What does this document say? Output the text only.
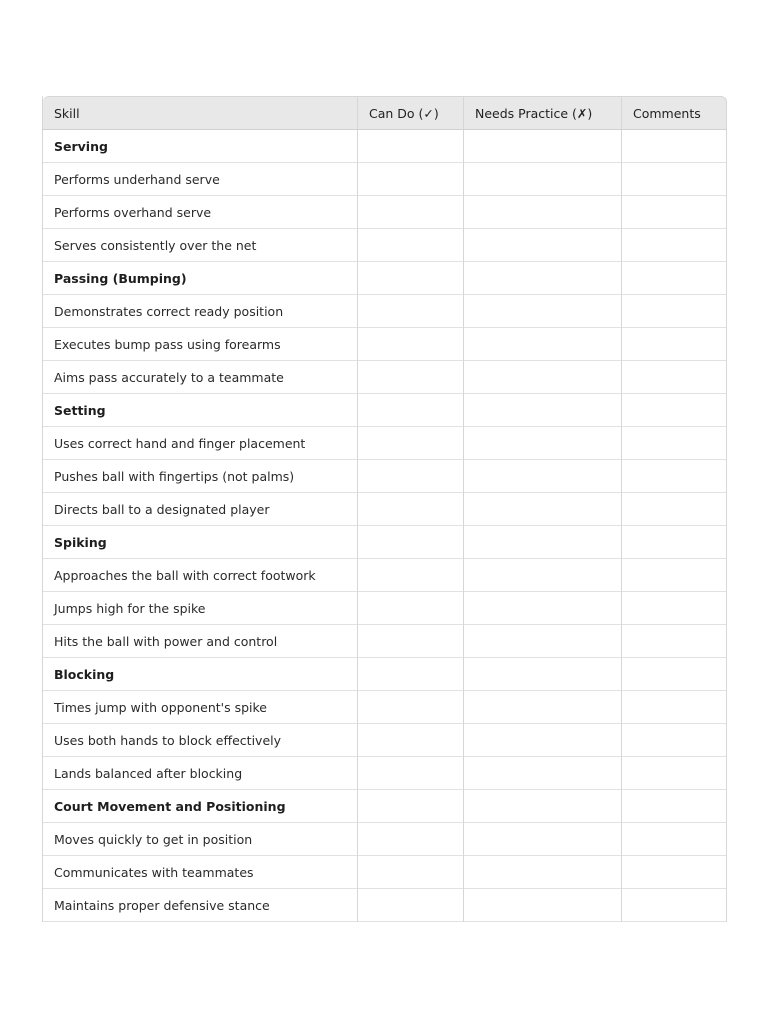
Skill	Can Do (✓)	Needs Practice (✗)	Comments
Serving			
Performs underhand serve			
Performs overhand serve			
Serves consistently over the net			
Passing (Bumping)			
Demonstrates correct ready position			
Executes bump pass using forearms			
Aims pass accurately to a teammate			
Setting			
Uses correct hand and finger placement			
Pushes ball with fingertips (not palms)			
Directs ball to a designated player			
Spiking			
Approaches the ball with correct footwork			
Jumps high for the spike			
Hits the ball with power and control			
Blocking			
Times jump with opponent's spike			
Uses both hands to block effectively			
Lands balanced after blocking			
Court Movement and Positioning			
Moves quickly to get in position			
Communicates with teammates			
Maintains proper defensive stance			
